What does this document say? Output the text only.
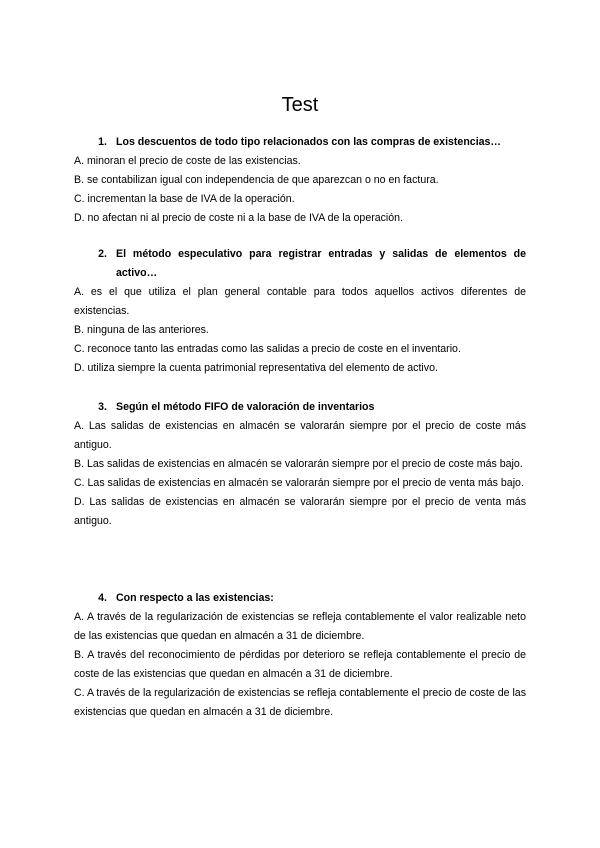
Test
1. Los descuentos de todo tipo relacionados con las compras de existencias…
A. minoran el precio de coste de las existencias.
B. se contabilizan igual con independencia de que aparezcan o no en factura.
C. incrementan la base de IVA de la operación.
D. no afectan ni al precio de coste ni a la base de IVA de la operación.
2. El método especulativo para registrar entradas y salidas de elementos de activo…
A. es el que utiliza el plan general contable para todos aquellos activos diferentes de existencias.
B. ninguna de las anteriores.
C. reconoce tanto las entradas como las salidas a precio de coste en el inventario.
D. utiliza siempre la cuenta patrimonial representativa del elemento de activo.
3. Según el método FIFO de valoración de inventarios
A. Las salidas de existencias en almacén se valorarán siempre por el precio de coste más antiguo.
B. Las salidas de existencias en almacén se valorarán siempre por el precio de coste más bajo.
C. Las salidas de existencias en almacén se valorarán siempre por el precio de venta más bajo.
D. Las salidas de existencias en almacén se valorarán siempre por el precio de venta más antiguo.
4. Con respecto a las existencias:
A. A través de la regularización de existencias se refleja contablemente el valor realizable neto de las existencias que quedan en almacén a 31 de diciembre.
B. A través del reconocimiento de pérdidas por deterioro se refleja contablemente el precio de coste de las existencias que quedan en almacén a 31 de diciembre.
C. A través de la regularización de existencias se refleja contablemente el precio de coste de las existencias que quedan en almacén a 31 de diciembre.
